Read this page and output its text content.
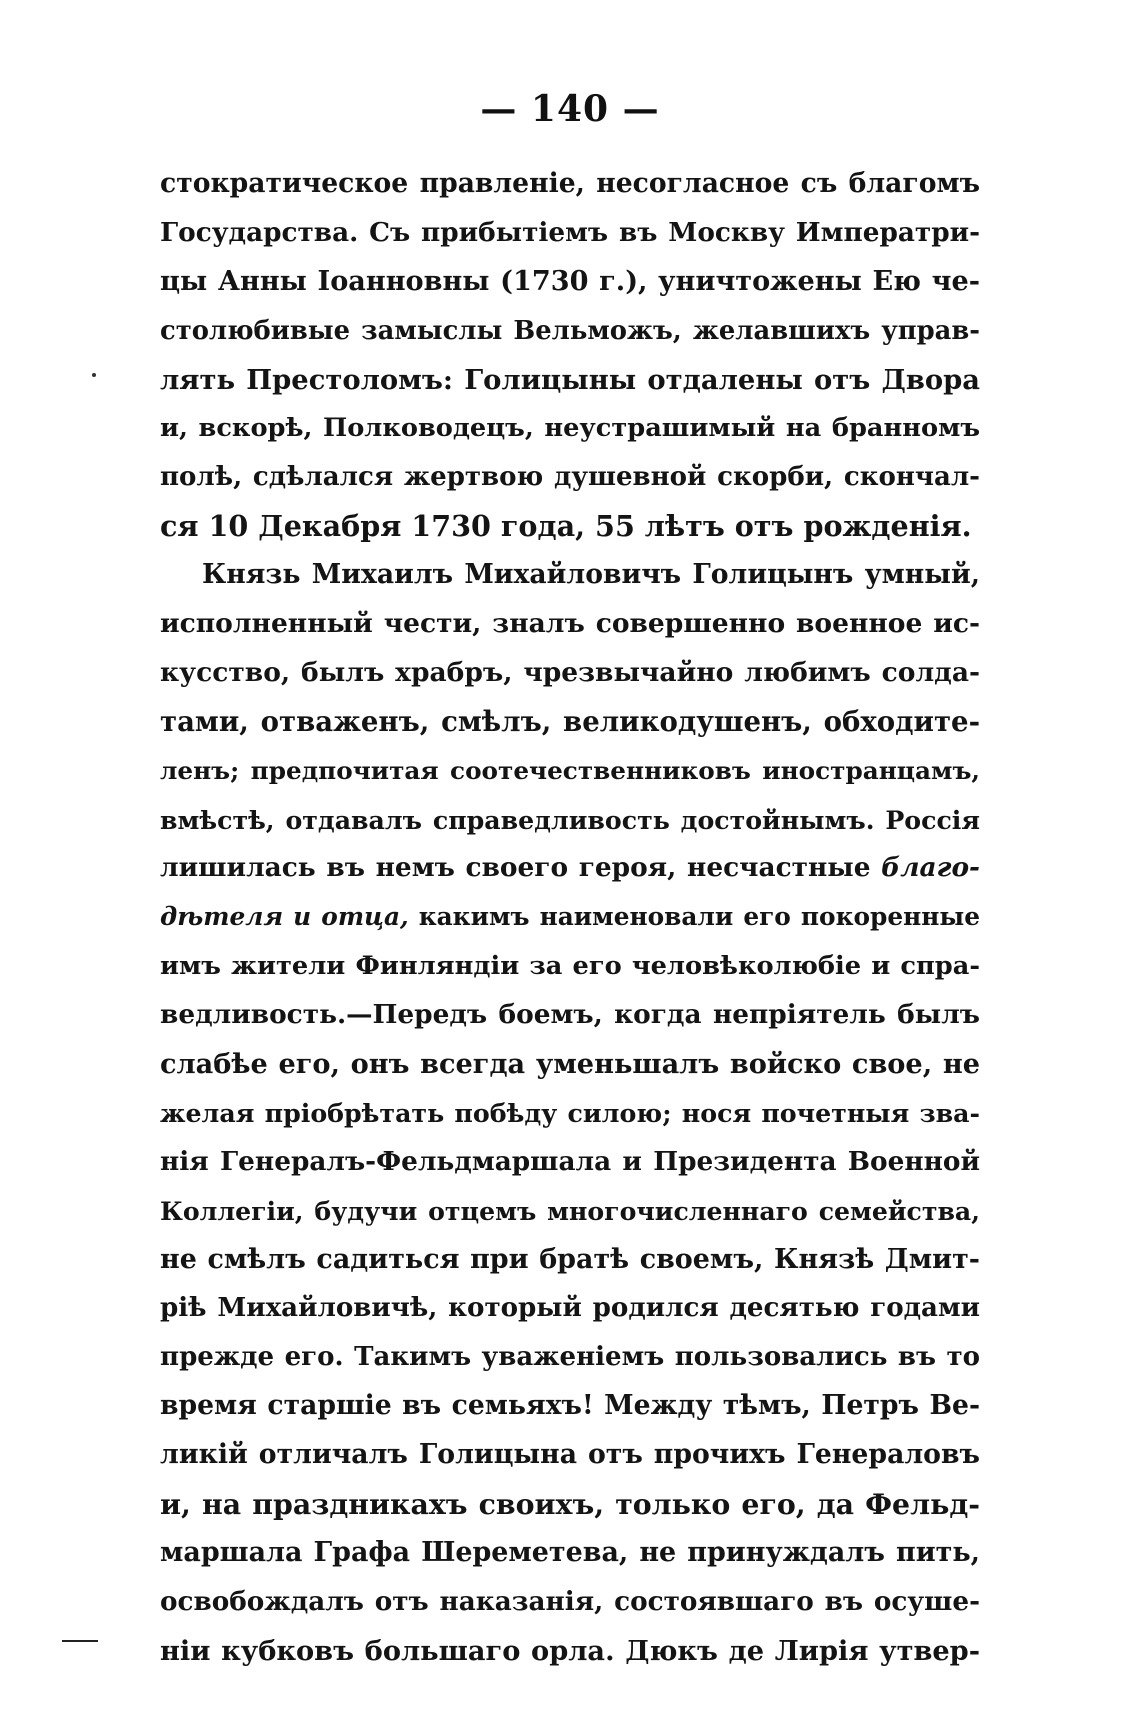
— 140 —
стократическое правленіе, несогласное съ благомъ
Государства. Съ прибытіемъ въ Москву Императри-
цы Анны Іоанновны (1730 г.), уничтожены Ею че-
столюбивые замыслы Вельможъ, желавшихъ управ-
лять Престоломъ: Голицыны отдалены отъ Двора
и, вскорѣ, Полководецъ, неустрашимый на бранномъ
полѣ, сдѣлался жертвою душевной скорби, скончал-
ся 10 Декабря 1730 года, 55 лѣтъ отъ рожденія.
Князь Михаилъ Михайловичъ Голицынъ умный,
исполненный чести, зналъ совершенно военное ис-
кусство, былъ храбръ, чрезвычайно любимъ солда-
тами, отваженъ, смѣлъ, великодушенъ, обходите-
ленъ; предпочитая соотечественниковъ иностранцамъ,
вмѣстѣ, отдавалъ справедливость достойнымъ. Россія
лишилась въ немъ своего героя, несчастные благо-
дѣтеля и отца, какимъ наименовали его покоренные
имъ жители Финляндіи за его человѣколюбіе и спра-
ведливость.—Передъ боемъ, когда непріятель былъ
слабѣе его, онъ всегда уменьшалъ войско свое, не
желая пріобрѣтать побѣду силою; нося почетныя зва-
нія Генералъ-Фельдмаршала и Президента Военной
Коллегіи, будучи отцемъ многочисленнаго семейства,
не смѣлъ садиться при братѣ своемъ, Князѣ Дмит-
ріѣ Михайловичѣ, который родился десятью годами
прежде его. Такимъ уваженіемъ пользовались въ то
время старшіе въ семьяхъ! Между тѣмъ, Петръ Ве-
ликій отличалъ Голицына отъ прочихъ Генераловъ
и, на праздникахъ своихъ, только его, да Фельд-
маршала Графа Шереметева, не принуждалъ пить,
освобождалъ отъ наказанія, состоявшаго въ осуше-
ніи кубковъ большаго орла. Дюкъ де Лирія утвер-
